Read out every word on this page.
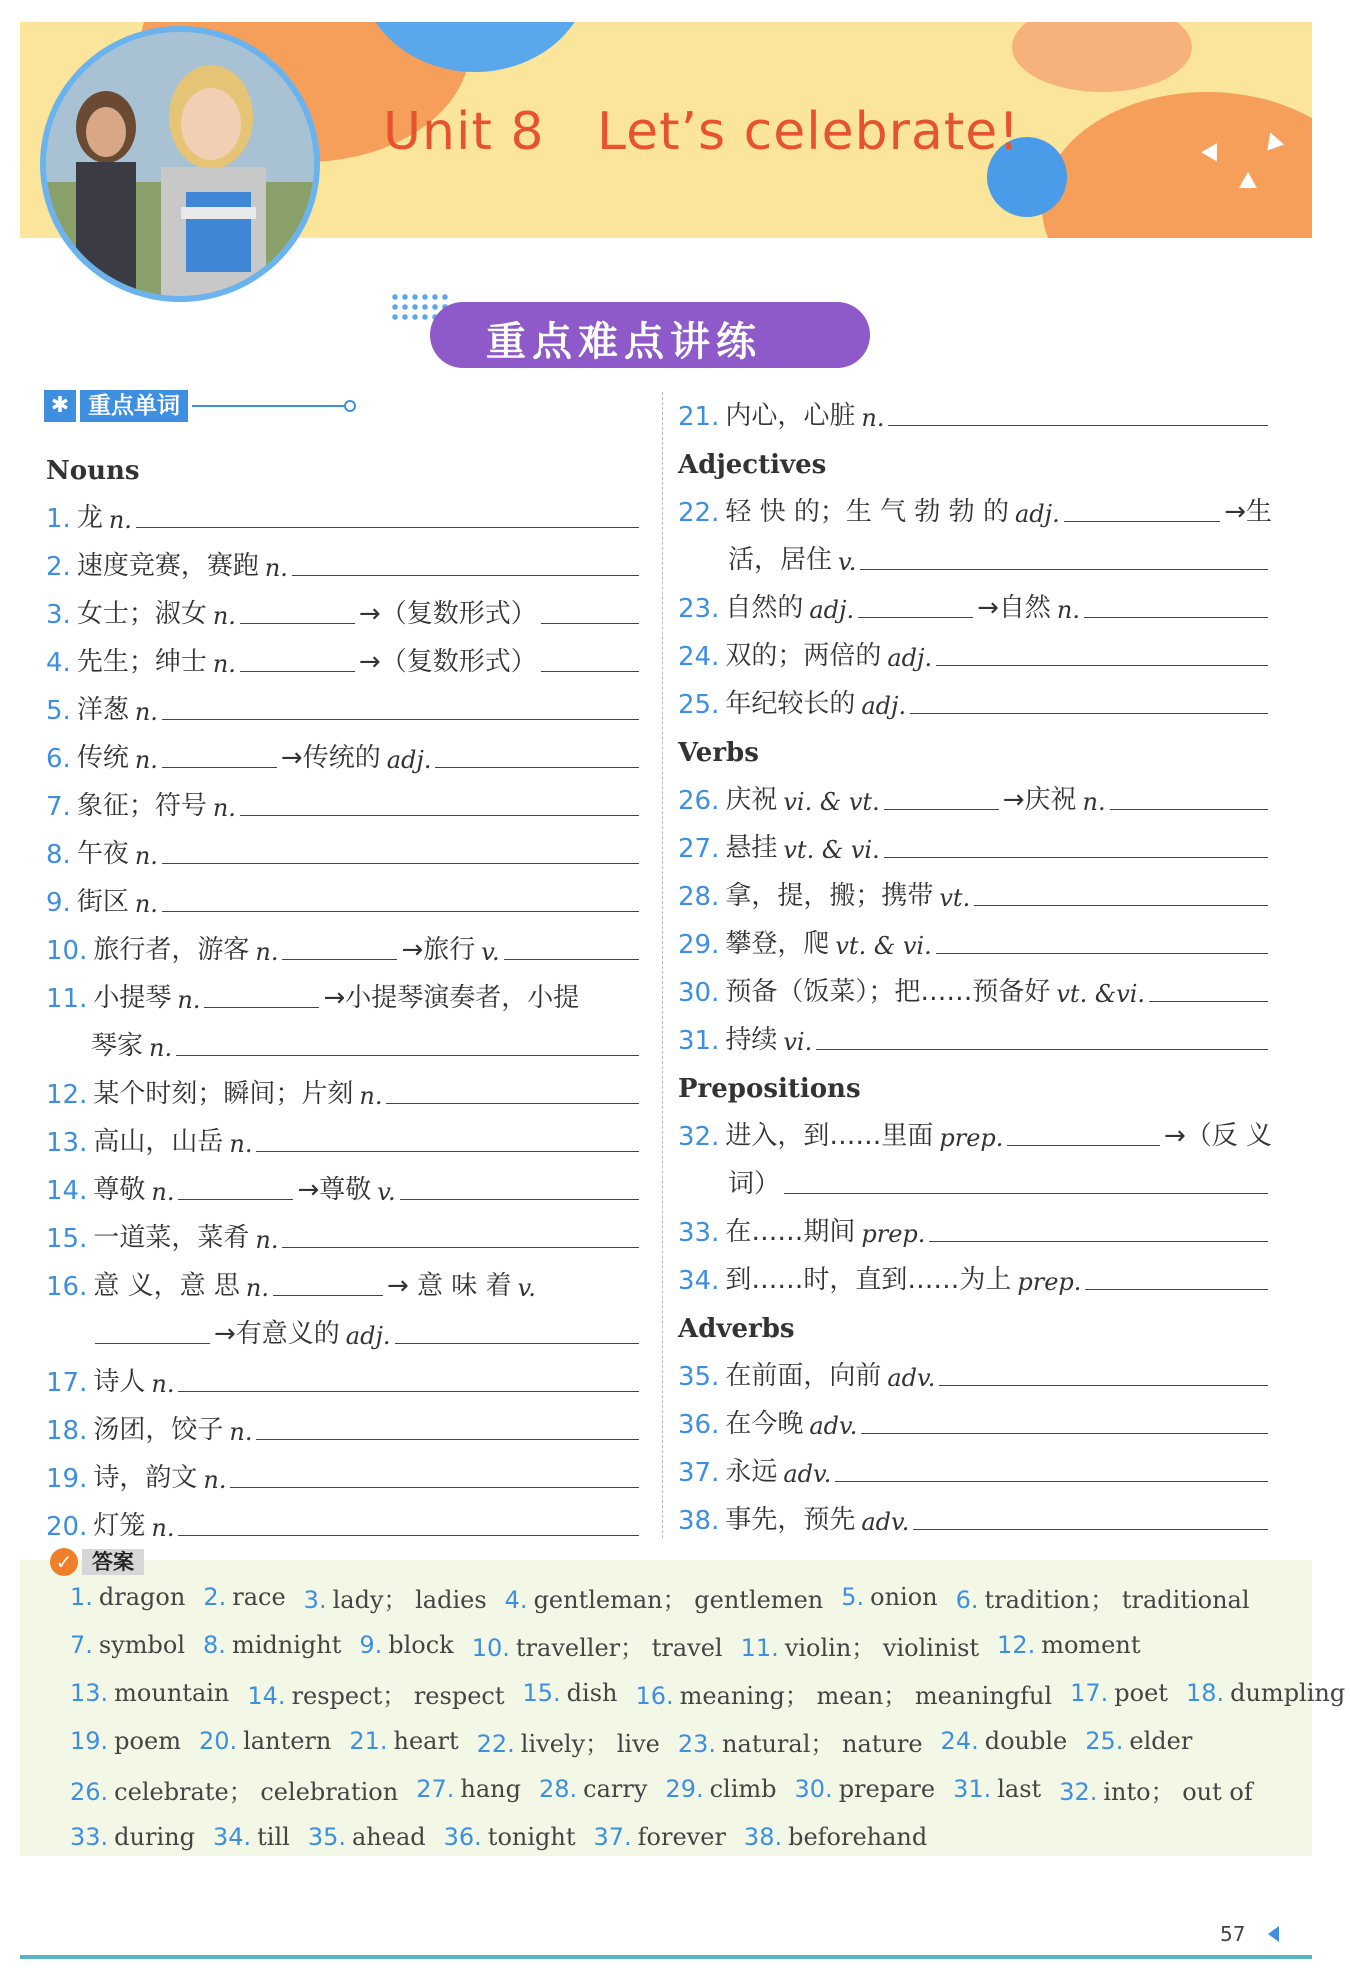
Unit 8   Let’s celebrate!
重点难点讲练
✱ 重点单词
Nouns
1. 龙 n.
2. 速度竞赛，赛跑 n.
3. 女士；淑女 n.	→（复数形式）
4. 先生；绅士 n.	→（复数形式）
5. 洋葱 n.
6. 传统 n.	→传统的 adj.
7. 象征；符号 n.
8. 午夜 n.
9. 街区 n.
10. 旅行者，游客 n.	→旅行 v.
11. 小提琴 n.	→小提琴演奏者，小提
琴家 n.
12. 某个时刻；瞬间；片刻 n.
13. 高山，山岳 n.
14. 尊敬 n.	→尊敬 v.
15. 一道菜，菜肴 n.
16. 意 义，意 思 n.	→ 意 味 着 v.
→有意义的 adj.
17. 诗人 n.
18. 汤团，饺子 n.
19. 诗，韵文 n.
20. 灯笼 n.
21. 内心，心脏 n.
Adjectives
22. 轻 快 的；生 气 勃 勃 的 adj.	→生
活，居住 v.
23. 自然的 adj.	→自然 n.
24. 双的；两倍的 adj.
25. 年纪较长的 adj.
Verbs
26. 庆祝 vi. & vt.	→庆祝 n.
27. 悬挂 vt. & vi.
28. 拿，提，搬；携带 vt.
29. 攀登，爬 vt. & vi.
30. 预备（饭菜）；把……预备好 vt. &vi.
31. 持续 vi.
Prepositions
32. 进入，到……里面 prep.	→（反 义
词）
33. 在……期间 prep.
34. 到……时，直到……为上 prep.
Adverbs
35. 在前面，向前 adv.
36. 在今晚 adv.
37. 永远 adv.
38. 事先，预先 adv.
✓ 答案
1. dragon 2. race 3. lady； ladies 4. gentleman； gentlemen 5. onion 6. tradition； traditional
7. symbol 8. midnight 9. block 10. traveller； travel 11. violin； violinist 12. moment
13. mountain 14. respect； respect 15. dish 16. meaning； mean； meaningful 17. poet 18. dumpling
19. poem 20. lantern 21. heart 22. lively； live 23. natural； nature 24. double 25. elder
26. celebrate； celebration 27. hang 28. carry 29. climb 30. prepare 31. last 32. into； out of
33. during 34. till 35. ahead 36. tonight 37. forever 38. beforehand
57
